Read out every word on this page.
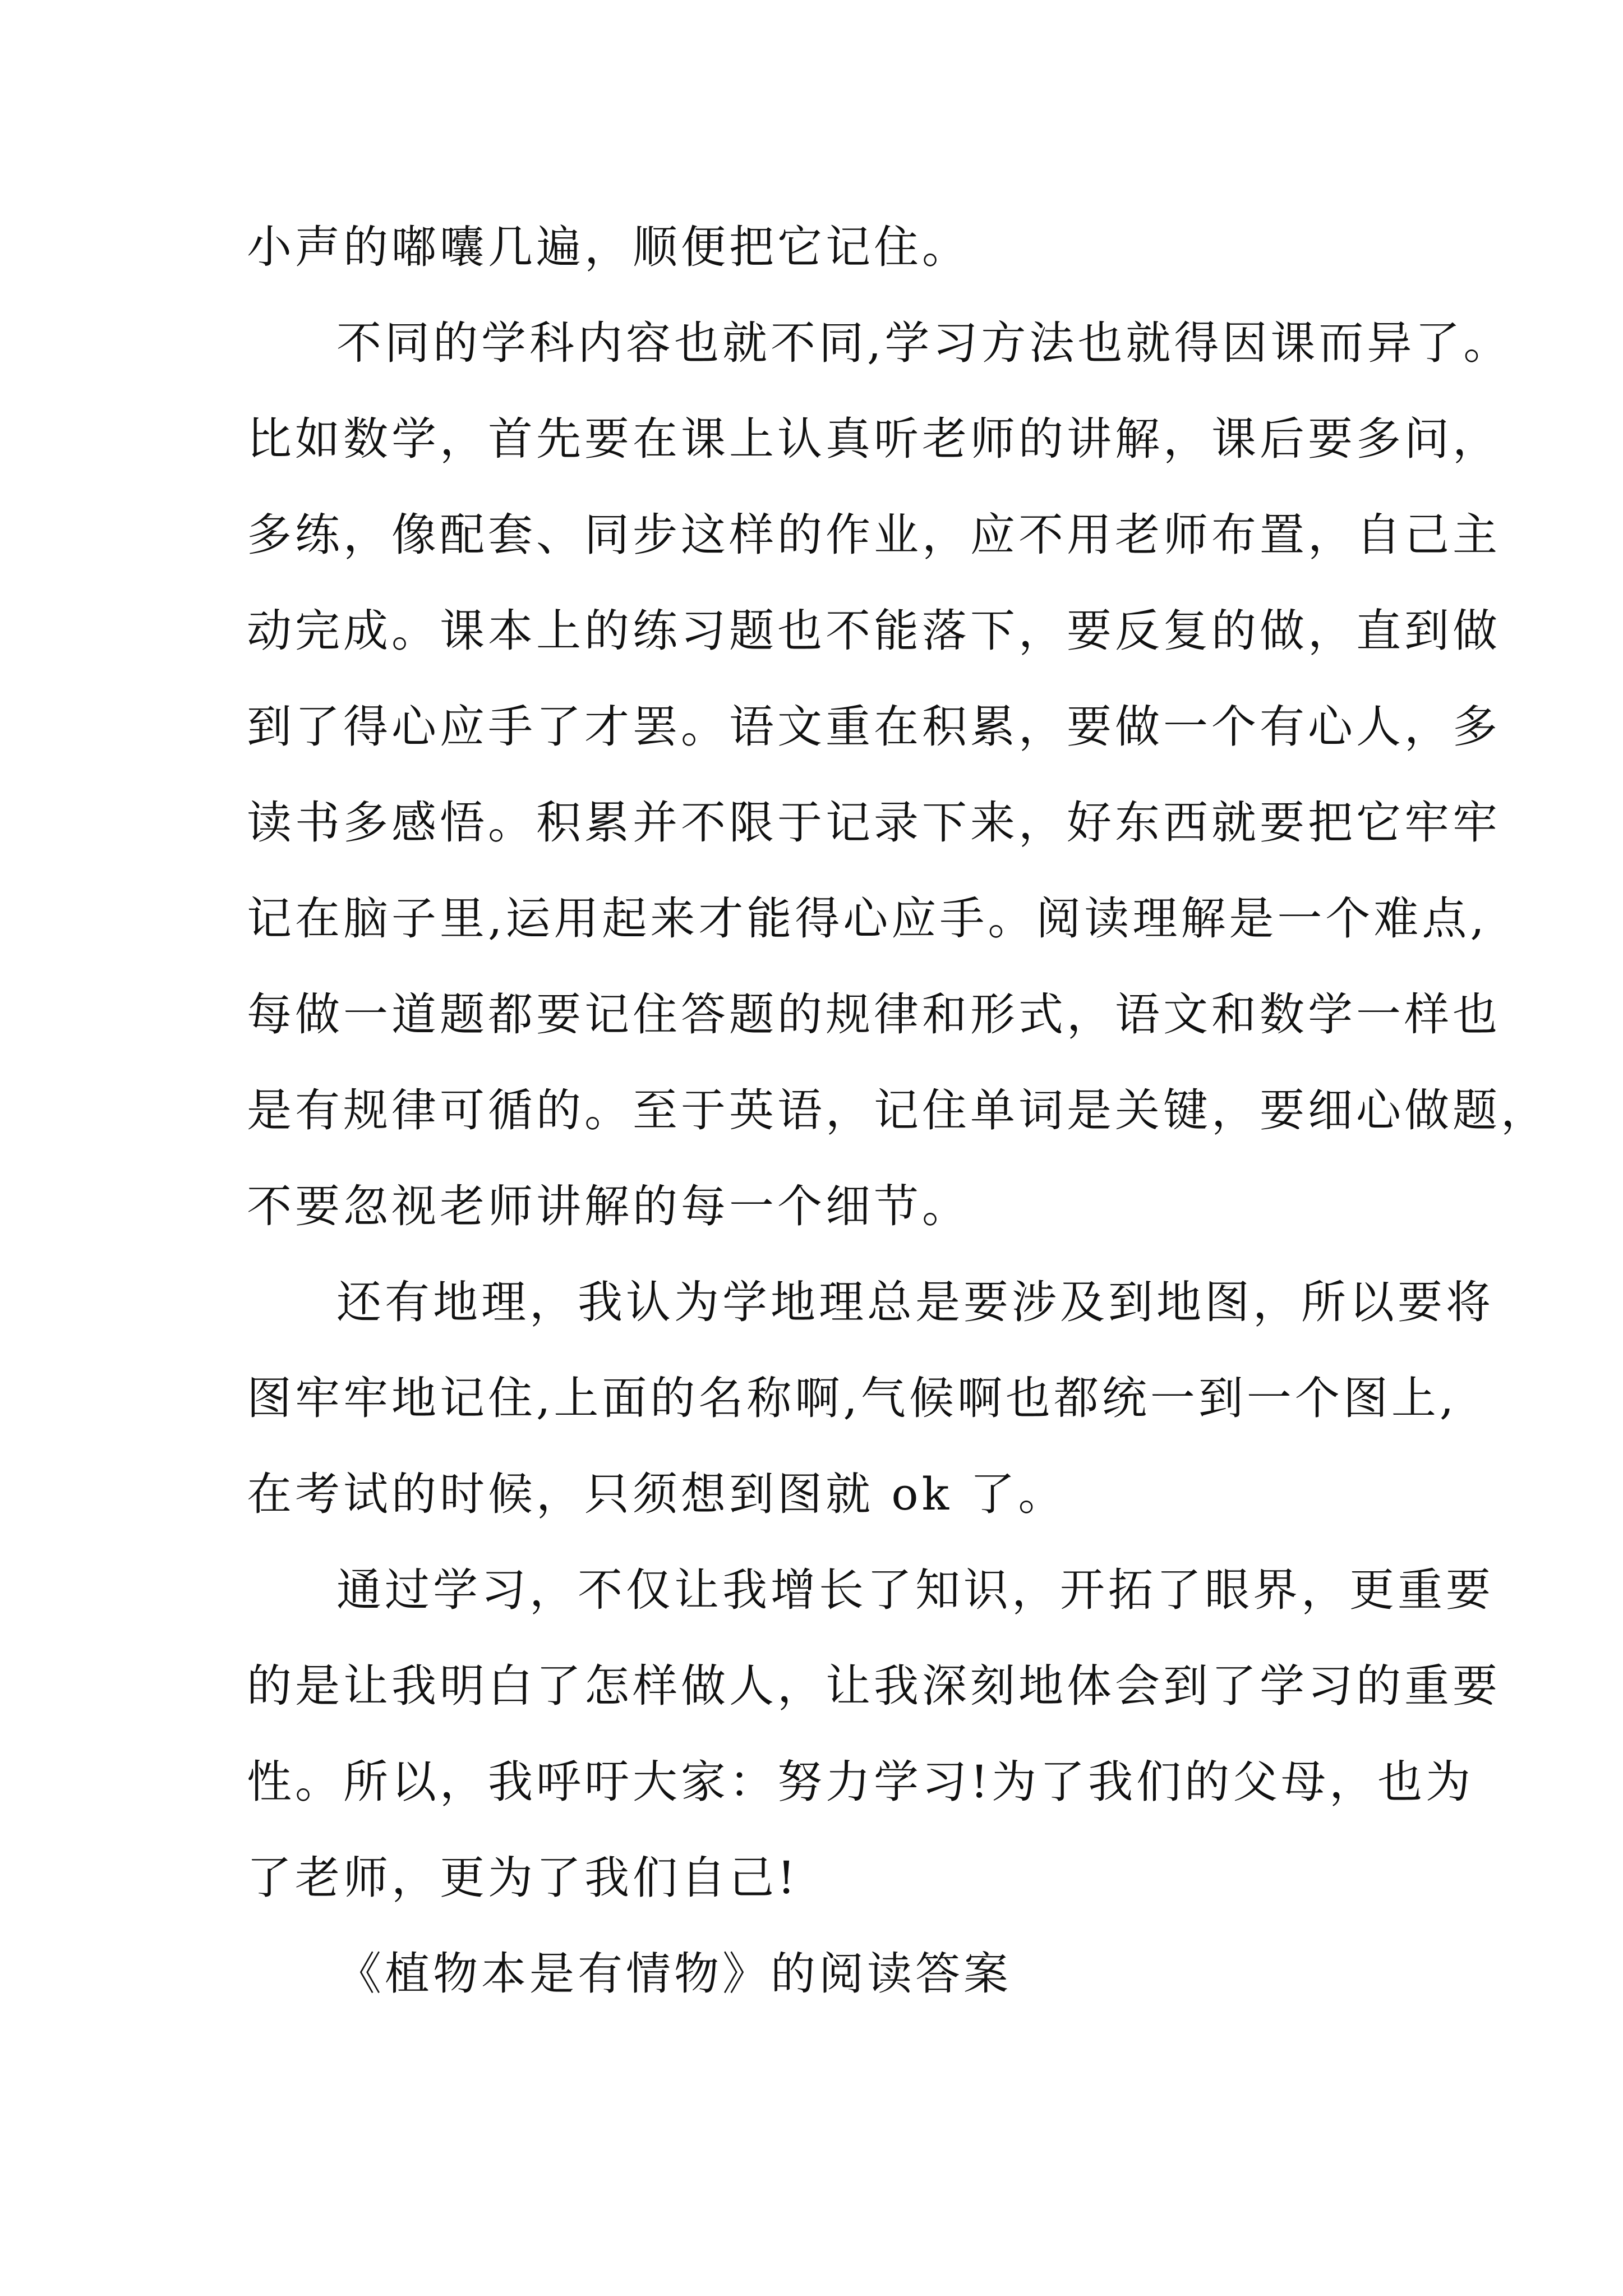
小声的嘟囔几遍，顺便把它记住。
不同的学科内容也就不同,学习方法也就得因课而异了。
比如数学，首先要在课上认真听老师的讲解，课后要多问，
多练，像配套、同步这样的作业，应不用老师布置，自己主
动完成。课本上的练习题也不能落下，要反复的做，直到做
到了得心应手了才罢。语文重在积累，要做一个有心人，多
读书多感悟。积累并不限于记录下来，好东西就要把它牢牢
记在脑子里,运用起来才能得心应手。阅读理解是一个难点,
每做一道题都要记住答题的规律和形式，语文和数学一样也
是有规律可循的。至于英语，记住单词是关键，要细心做题，
不要忽视老师讲解的每一个细节。
还有地理，我认为学地理总是要涉及到地图，所以要将
图牢牢地记住,上面的名称啊,气候啊也都统一到一个图上,
在考试的时候，只须想到图就 ok 了。
通过学习，不仅让我增长了知识，开拓了眼界，更重要
的是让我明白了怎样做人，让我深刻地体会到了学习的重要
性。所以，我呼吁大家：努力学习!为了我们的父母，也为
了老师，更为了我们自己!
《植物本是有情物》的阅读答案
